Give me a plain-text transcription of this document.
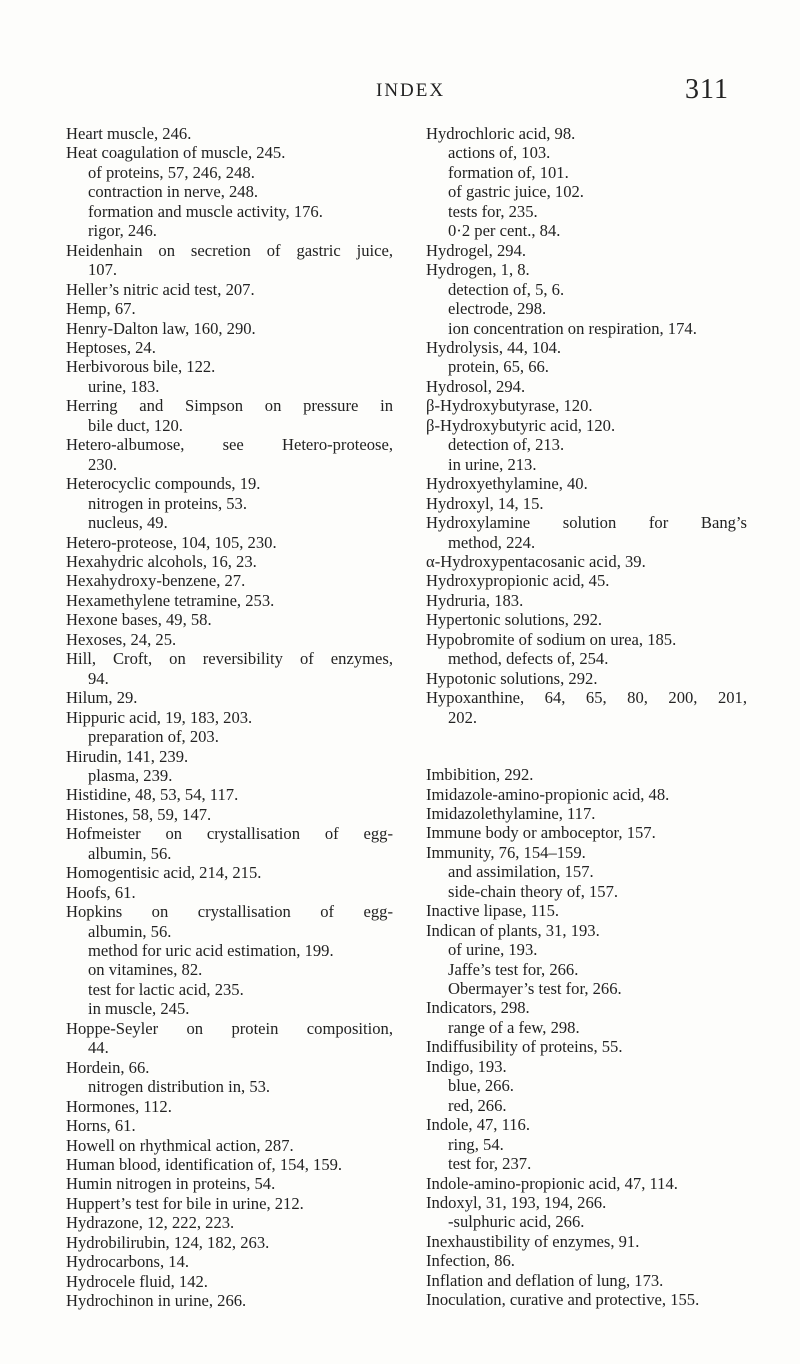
INDEX	311
Heart muscle, 246.
Heat coagulation of muscle, 245.
of proteins, 57, 246, 248.
contraction in nerve, 248.
formation and muscle activity, 176.
rigor, 246.
Heidenhain on secretion of gastric juice,
107.
Heller’s nitric acid test, 207.
Hemp, 67.
Henry-Dalton law, 160, 290.
Heptoses, 24.
Herbivorous bile, 122.
urine, 183.
Herring and Simpson on pressure in
bile duct, 120.
Hetero-albumose, see Hetero-proteose,
230.
Heterocyclic compounds, 19.
nitrogen in proteins, 53.
nucleus, 49.
Hetero-proteose, 104, 105, 230.
Hexahydric alcohols, 16, 23.
Hexahydroxy-benzene, 27.
Hexamethylene tetramine, 253.
Hexone bases, 49, 58.
Hexoses, 24, 25.
Hill, Croft, on reversibility of enzymes,
94.
Hilum, 29.
Hippuric acid, 19, 183, 203.
preparation of, 203.
Hirudin, 141, 239.
plasma, 239.
Histidine, 48, 53, 54, 117.
Histones, 58, 59, 147.
Hofmeister on crystallisation of egg-
albumin, 56.
Homogentisic acid, 214, 215.
Hoofs, 61.
Hopkins on crystallisation of egg-
albumin, 56.
method for uric acid estimation, 199.
on vitamines, 82.
test for lactic acid, 235.
in muscle, 245.
Hoppe-Seyler on protein composition,
44.
Hordein, 66.
nitrogen distribution in, 53.
Hormones, 112.
Horns, 61.
Howell on rhythmical action, 287.
Human blood, identification of, 154, 159.
Humin nitrogen in proteins, 54.
Huppert’s test for bile in urine, 212.
Hydrazone, 12, 222, 223.
Hydrobilirubin, 124, 182, 263.
Hydrocarbons, 14.
Hydrocele fluid, 142.
Hydrochinon in urine, 266.
Hydrochloric acid, 98.
actions of, 103.
formation of, 101.
of gastric juice, 102.
tests for, 235.
0·2 per cent., 84.
Hydrogel, 294.
Hydrogen, 1, 8.
detection of, 5, 6.
electrode, 298.
ion concentration on respiration, 174.
Hydrolysis, 44, 104.
protein, 65, 66.
Hydrosol, 294.
β-Hydroxybutyrase, 120.
β-Hydroxybutyric acid, 120.
detection of, 213.
in urine, 213.
Hydroxyethylamine, 40.
Hydroxyl, 14, 15.
Hydroxylamine solution for Bang’s
method, 224.
α-Hydroxypentacosanic acid, 39.
Hydroxypropionic acid, 45.
Hydruria, 183.
Hypertonic solutions, 292.
Hypobromite of sodium on urea, 185.
method, defects of, 254.
Hypotonic solutions, 292.
Hypoxanthine, 64, 65, 80, 200, 201,
202.
Imbibition, 292.
Imidazole-amino-propionic acid, 48.
Imidazolethylamine, 117.
Immune body or amboceptor, 157.
Immunity, 76, 154–159.
and assimilation, 157.
side-chain theory of, 157.
Inactive lipase, 115.
Indican of plants, 31, 193.
of urine, 193.
Jaffe’s test for, 266.
Obermayer’s test for, 266.
Indicators, 298.
range of a few, 298.
Indiffusibility of proteins, 55.
Indigo, 193.
blue, 266.
red, 266.
Indole, 47, 116.
ring, 54.
test for, 237.
Indole-amino-propionic acid, 47, 114.
Indoxyl, 31, 193, 194, 266.
-sulphuric acid, 266.
Inexhaustibility of enzymes, 91.
Infection, 86.
Inflation and deflation of lung, 173.
Inoculation, curative and protective, 155.
